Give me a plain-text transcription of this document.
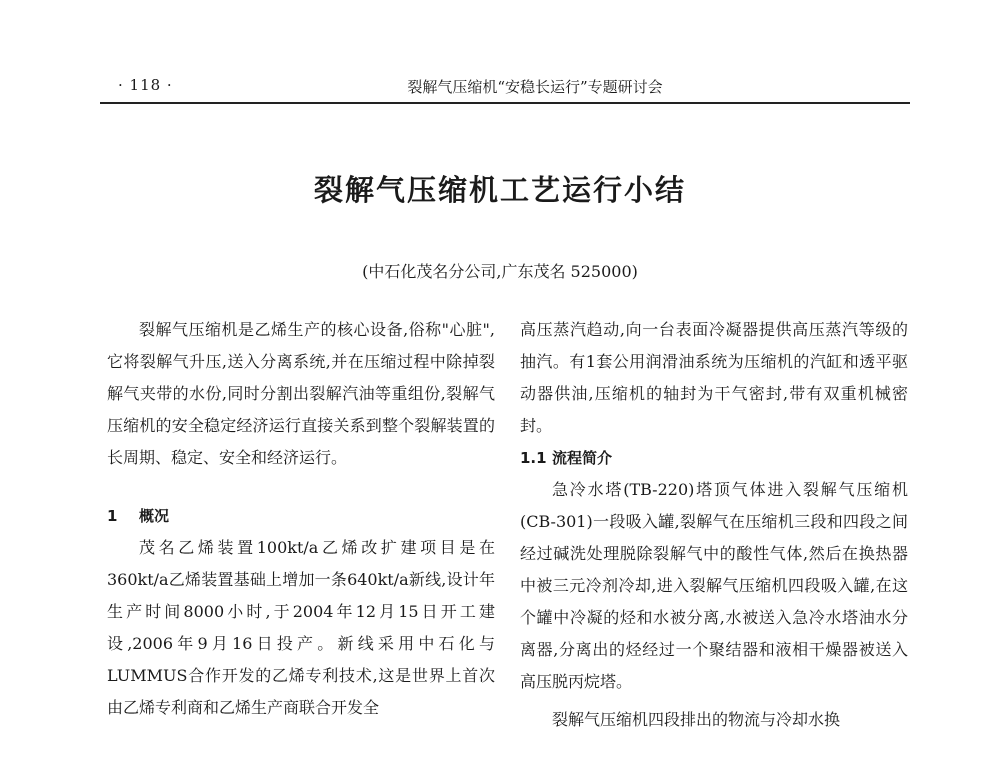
· 118 ·	裂解气压缩机“安稳长运行”专题研讨会
裂解气压缩机工艺运行小结
(中石化茂名分公司,广东茂名 525000)

裂解气压缩机是乙烯生产的核心设备,俗称"心脏",它将裂解气升压,送入分离系统,并在压缩过程中除掉裂解气夹带的水份,同时分割出裂解汽油等重组份,裂解气压缩机的安全稳定经济运行直接关系到整个裂解装置的长周期、稳定、安全和经济运行。

1 概况

茂名乙烯装置100kt/a乙烯改扩建项目是在360kt/a乙烯装置基础上增加一条640kt/a新线,设计年生产时间8000小时,于2004年12月15日开工建设,2006年9月16日投产。新线采用中石化与LUMMUS合作开发的乙烯专利技术,这是世界上首次由乙烯专利商和乙烯生产商联合开发全

高压蒸汽趋动,向一台表面冷凝器提供高压蒸汽等级的抽汽。有1套公用润滑油系统为压缩机的汽缸和透平驱动器供油,压缩机的轴封为干气密封,带有双重机械密封。

1.1 流程简介

急冷水塔(TB-220)塔顶气体进入裂解气压缩机(CB-301)一段吸入罐,裂解气在压缩机三段和四段之间经过碱洗处理脱除裂解气中的酸性气体,然后在换热器中被三元冷剂冷却,进入裂解气压缩机四段吸入罐,在这个罐中冷凝的烃和水被分离,水被送入急冷水塔油水分离器,分离出的烃经过一个聚结器和液相干燥器被送入高压脱丙烷塔。

裂解气压缩机四段排出的物流与冷却水换
